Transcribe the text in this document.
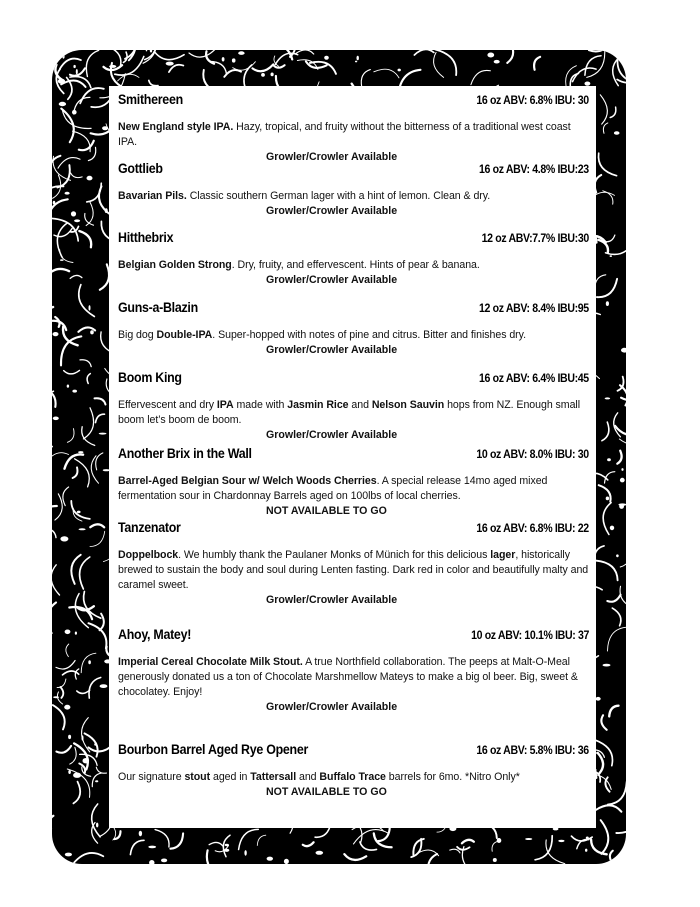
Smithereen	16 oz ABV: 6.8% IBU: 30
New England style IPA. Hazy, tropical, and fruity without the bitterness of a traditional west coast IPA.
Growler/Crowler Available
Gottlieb	16 oz ABV: 4.8% IBU:23
Bavarian Pils. Classic southern German lager with a hint of lemon. Clean & dry.
Growler/Crowler Available
Hitthebrix	12 oz ABV:7.7% IBU:30
Belgian Golden Strong. Dry, fruity, and effervescent. Hints of pear & banana.
Growler/Crowler Available
Guns-a-Blazin	12 oz ABV: 8.4% IBU:95
Big dog Double-IPA. Super-hopped with notes of pine and citrus. Bitter and finishes dry.
Growler/Crowler Available
Boom King	16 oz ABV: 6.4% IBU:45
Effervescent and dry IPA made with Jasmin Rice and Nelson Sauvin hops from NZ. Enough small boom let’s boom de boom.
Growler/Crowler Available
Another Brix in the Wall	10 oz ABV: 8.0% IBU: 30
Barrel-Aged Belgian Sour w/ Welch Woods Cherries. A special release 14mo aged mixed fermentation sour in Chardonnay Barrels aged on 100lbs of local cherries.
NOT AVAILABLE TO GO
Tanzenator	16 oz ABV: 6.8% IBU: 22
Doppelbock. We humbly thank the Paulaner Monks of Münich for this delicious lager, historically brewed to sustain the body and soul during Lenten fasting. Dark red in color and beautifully malty and caramel sweet.
Growler/Crowler Available
Ahoy, Matey!	10 oz ABV: 10.1% IBU: 37
Imperial Cereal Chocolate Milk Stout. A true Northfield collaboration. The peeps at Malt-O-Meal generously donated us a ton of Chocolate Marshmellow Mateys to make a big ol beer. Big, sweet & chocolatey. Enjoy!
Growler/Crowler Available
Bourbon Barrel Aged Rye Opener	16 oz ABV: 5.8% IBU: 36
Our signature stout aged in Tattersall and Buffalo Trace barrels for 6mo. *Nitro Only*
NOT AVAILABLE TO GO
